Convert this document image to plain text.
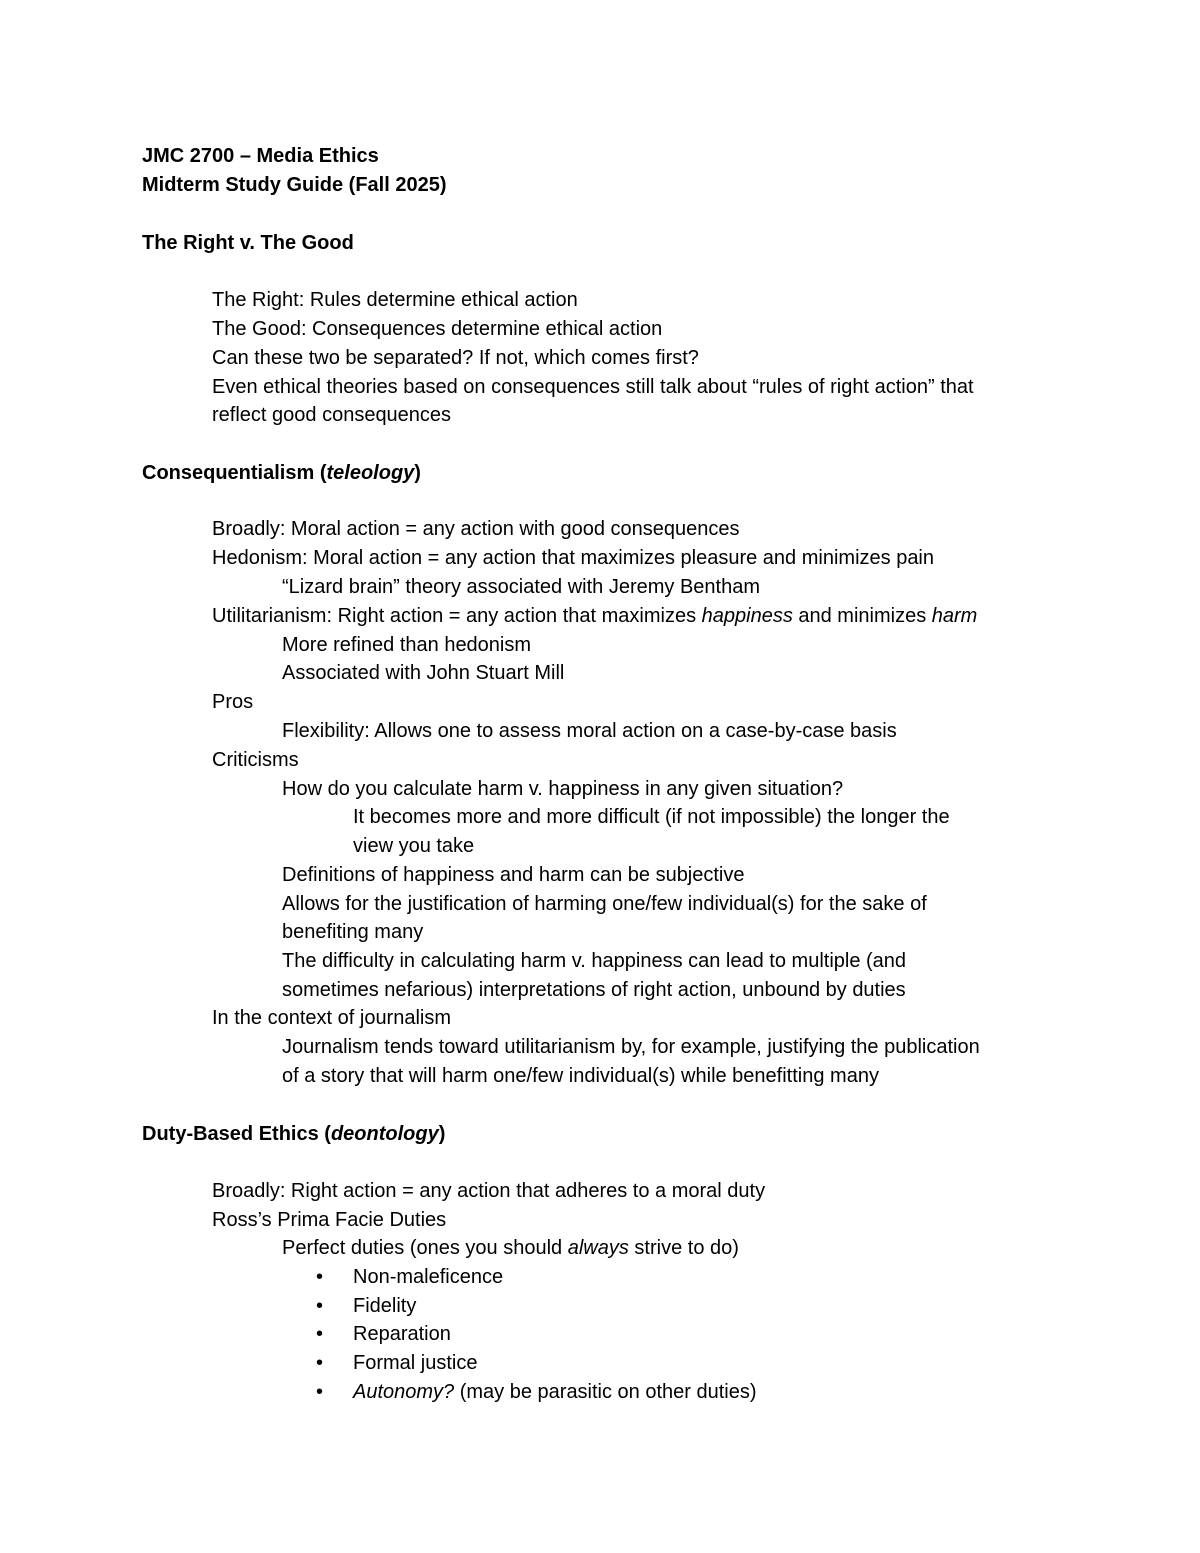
JMC 2700 – Media Ethics
Midterm Study Guide (Fall 2025)
The Right v. The Good
The Right: Rules determine ethical action
The Good: Consequences determine ethical action
Can these two be separated? If not, which comes first?
Even ethical theories based on consequences still talk about “rules of right action” that
reflect good consequences
Consequentialism (teleology)
Broadly: Moral action = any action with good consequences
Hedonism: Moral action = any action that maximizes pleasure and minimizes pain
“Lizard brain” theory associated with Jeremy Bentham
Utilitarianism: Right action = any action that maximizes happiness and minimizes harm
More refined than hedonism
Associated with John Stuart Mill
Pros
Flexibility: Allows one to assess moral action on a case-by-case basis
Criticisms
How do you calculate harm v. happiness in any given situation?
It becomes more and more difficult (if not impossible) the longer the
view you take
Definitions of happiness and harm can be subjective
Allows for the justification of harming one/few individual(s) for the sake of
benefiting many
The difficulty in calculating harm v. happiness can lead to multiple (and
sometimes nefarious) interpretations of right action, unbound by duties
In the context of journalism
Journalism tends toward utilitarianism by, for example, justifying the publication
of a story that will harm one/few individual(s) while benefitting many
Duty-Based Ethics (deontology)
Broadly: Right action = any action that adheres to a moral duty
Ross’s Prima Facie Duties
Perfect duties (ones you should always strive to do)
• Non-maleficence
• Fidelity
• Reparation
• Formal justice
• Autonomy? (may be parasitic on other duties)
